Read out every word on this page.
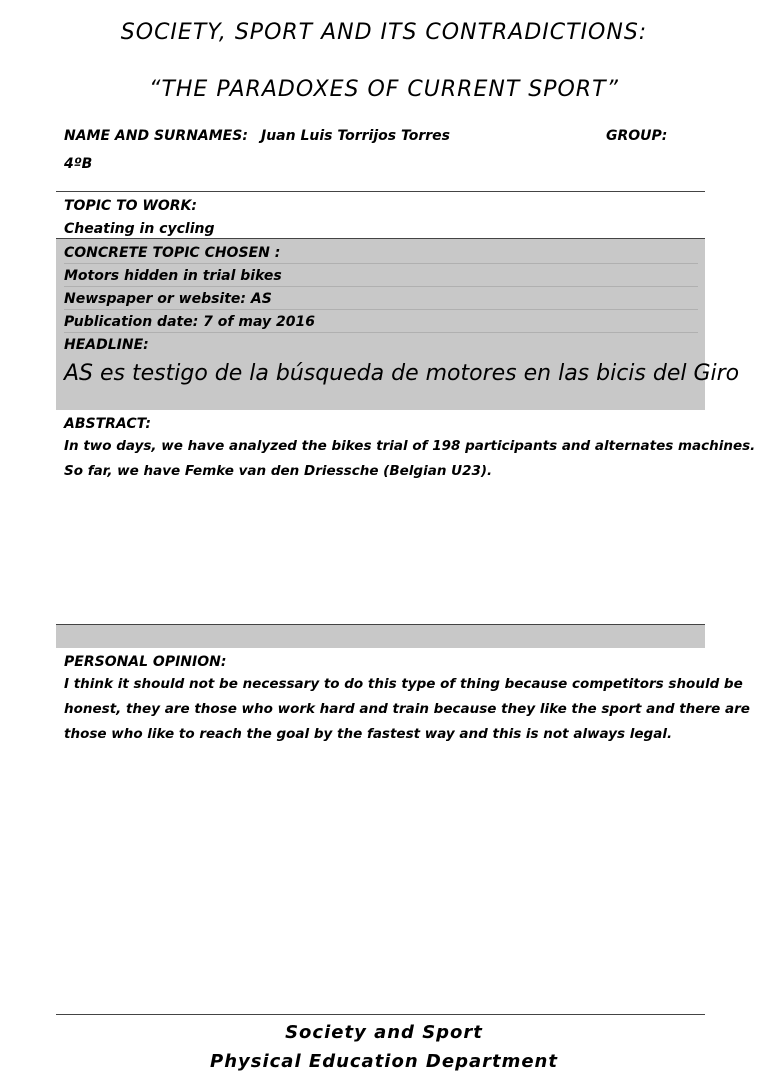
SOCIETY, SPORT AND ITS CONTRADICTIONS:
“THE PARADOXES OF CURRENT SPORT”
NAME AND SURNAMES: Juan Luis Torrijos Torres	GROUP:
4ºB
TOPIC TO WORK:
Cheating in cycling
CONCRETE TOPIC CHOSEN :
Motors hidden in trial bikes
Newspaper or website: AS
Publication date: 7 of may 2016
HEADLINE:
AS es testigo de la búsqueda de motores en las bicis del Giro
ABSTRACT:
In two days, we have analyzed the bikes trial of 198 participants and alternates machines.
So far, we have Femke van den Driessche (Belgian U23).
PERSONAL OPINION:
I think it should not be necessary to do this type of thing because competitors should be
honest, they are those who work hard and train because they like the sport and there are
those who like to reach the goal by the fastest way and this is not always legal.
Society and Sport
Physical Education Department
